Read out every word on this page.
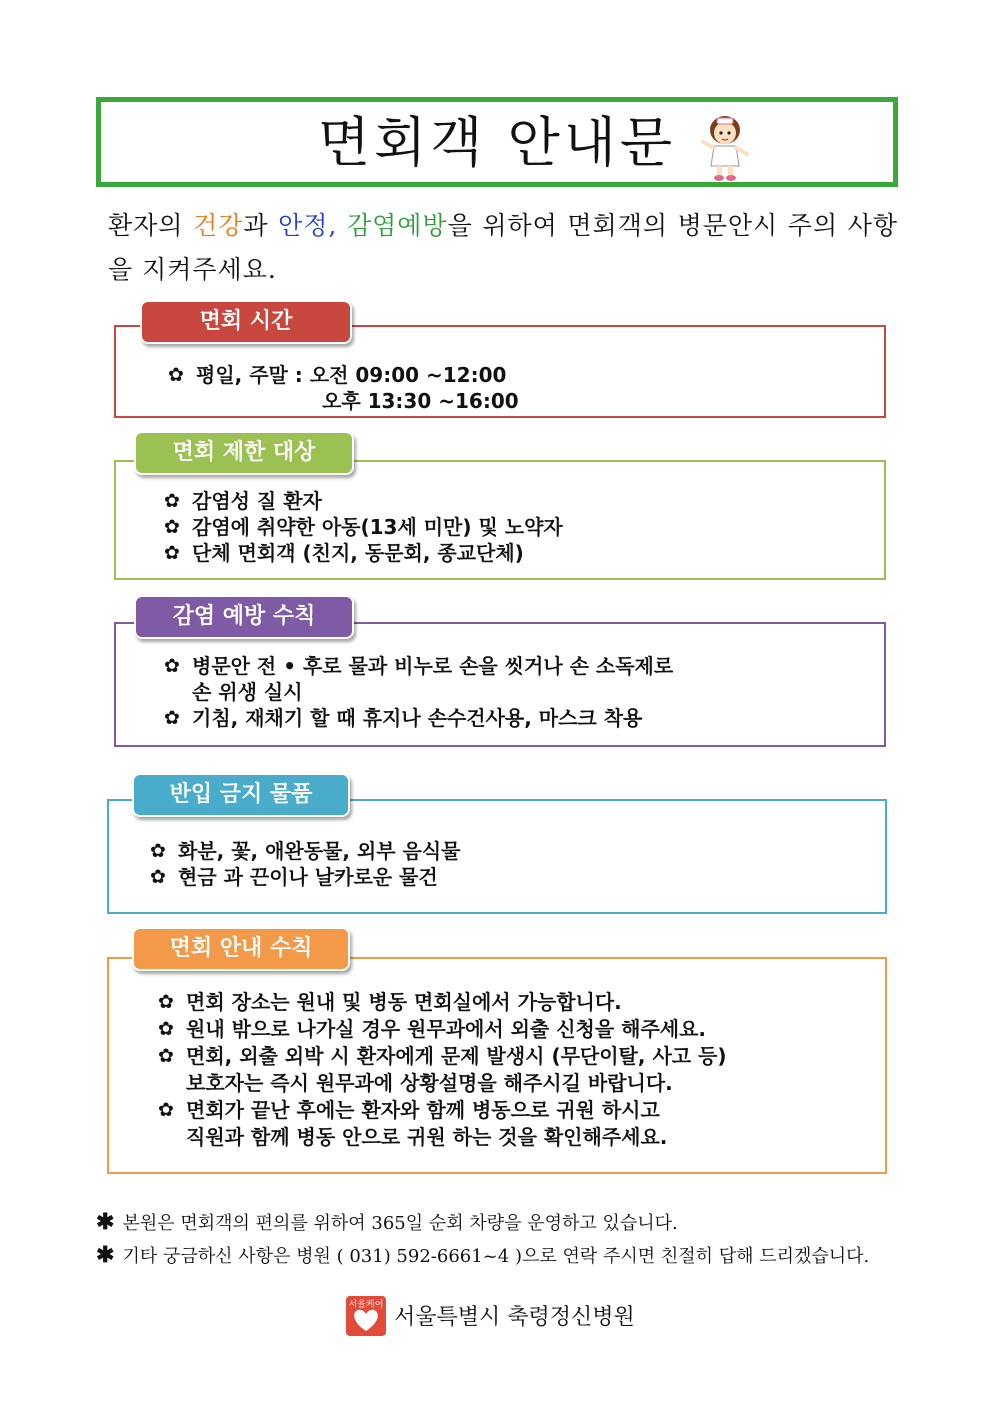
면회객 안내문
환자의 건강과 안정, 감염예방을 위하여 면회객의 병문안시 주의 사항을 지켜주세요.
면회 시간
✿ 평일, 주말 : 오전 09:00 ~12:00
오후 13:30 ~16:00
면회 제한 대상
✿ 감염성 질 환자
✿ 감염에 취약한 아동(13세 미만) 및 노약자
✿ 단체 면회객 (친지, 동문회, 종교단체)
감염 예방 수칙
✿ 병문안 전 • 후로 물과 비누로 손을 씻거나 손 소독제로
손 위생 실시
✿ 기침, 재채기 할 때 휴지나 손수건사용, 마스크 착용
반입 금지 물품
✿ 화분, 꽃, 애완동물, 외부 음식물
✿ 현금 과 끈이나 날카로운 물건
면회 안내 수칙
✿ 면회 장소는 원내 및 병동 면회실에서 가능합니다.
✿ 원내 밖으로 나가실 경우 원무과에서 외출 신청을 해주세요.
✿ 면회, 외출 외박 시 환자에게 문제 발생시 (무단이탈, 사고 등)
보호자는 즉시 원무과에 상황설명을 해주시길 바랍니다.
✿ 면회가 끝난 후에는 환자와 함께 병동으로 귀원 하시고
직원과 함께 병동 안으로 귀원 하는 것을 확인해주세요.
✱ 본원은 면회객의 편의를 위하여 365일 순회 차량을 운영하고 있습니다.
✱ 기타 궁금하신 사항은 병원 ( 031) 592-6661~4 )으로 연락 주시면 친절히 답해 드리겠습니다.
서울케어 서울특별시 축령정신병원
